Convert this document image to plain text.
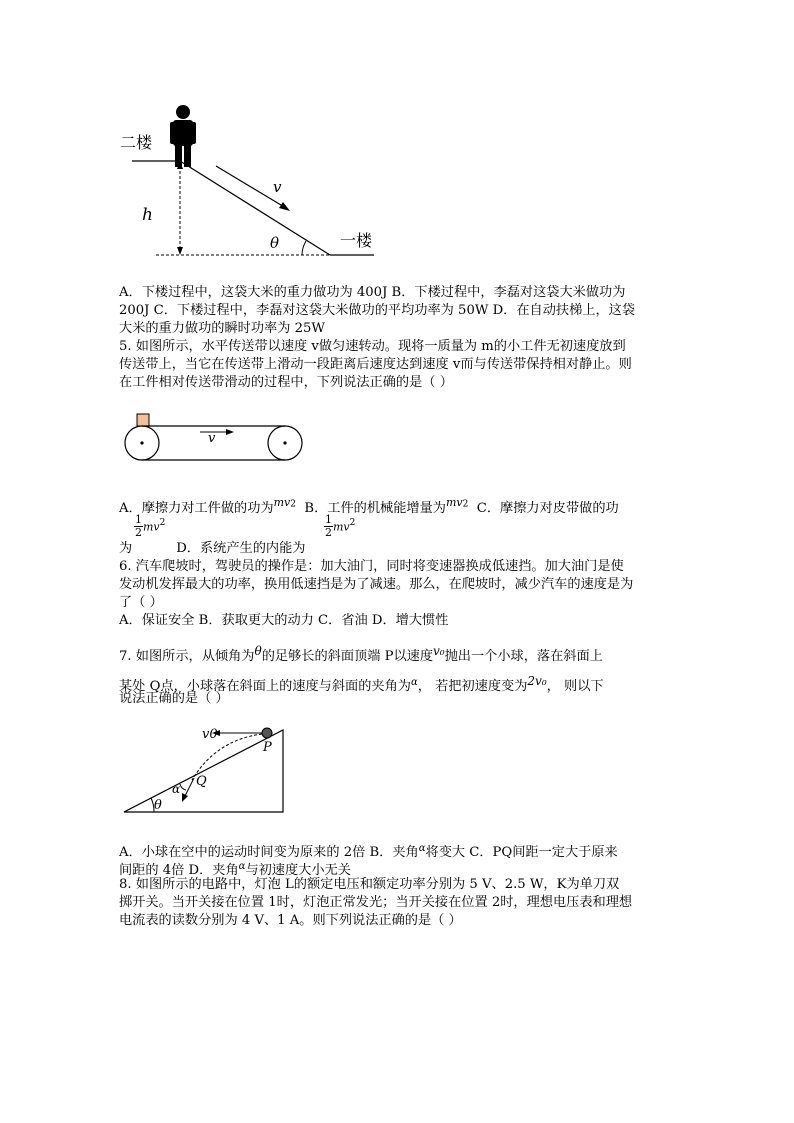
二楼
一楼
h
v
θ
A．下楼过程中，这袋大米的重力做功为 400J B．下楼过程中，李磊对这袋大米做功为
200J C．下楼过程中，李磊对这袋大米做功的平均功率为 50W D．在自动扶梯上，这袋
大米的重力做功的瞬时功率为 25W
5. 如图所示，水平传送带以速度 v做匀速转动。现将一质量为 m的小工件无初速度放到
传送带上，当它在传送带上滑动一段距离后速度达到速度 v而与传送带保持相对静止。则
在工件相对传送带滑动的过程中，下列说法正确的是（ ）
v
A．摩擦力对工件做的功为$^{mv2}$ B．工件的机械能增量为$^{mv2}$ C．摩擦力对皮带做的功
$\frac{1}{2} mv^2$	$\frac{1}{2} mv^2$
为	D．系统产生的内能为
6. 汽车爬坡时，驾驶员的操作是：加大油门，同时将变速器换成低速挡。加大油门是使
发动机发挥最大的功率，换用低速挡是为了减速。那么，在爬坡时，减少汽车的速度是为
了（ ）
A．保证安全 B．获取更大的动力 C．省油 D．增大惯性
7. 如图所示，从倾角为θ的足够长的斜面顶端 P以速度v₀抛出一个小球，落在斜面上
某处 Q点，小球落在斜面上的速度与斜面的夹角为$^\alpha$， 若把初速度变为2v₀， 则以下
说法正确的是（ ）
v0
P
Q
α
θ
A．小球在空中的运动时间变为原来的 2倍 B．夹角$^\alpha$将变大 C．PQ间距一定大于原来
间距的 4倍 D．夹角$^\alpha$与初速度大小无关
8. 如图所示的电路中，灯泡 L的额定电压和额定功率分别为 5 V、2.5 W，K为单刀双
掷开关。当开关接在位置 1时，灯泡正常发光；当开关接在位置 2时，理想电压表和理想
电流表的读数分别为 4 V、1 A。则下列说法正确的是（ ）
